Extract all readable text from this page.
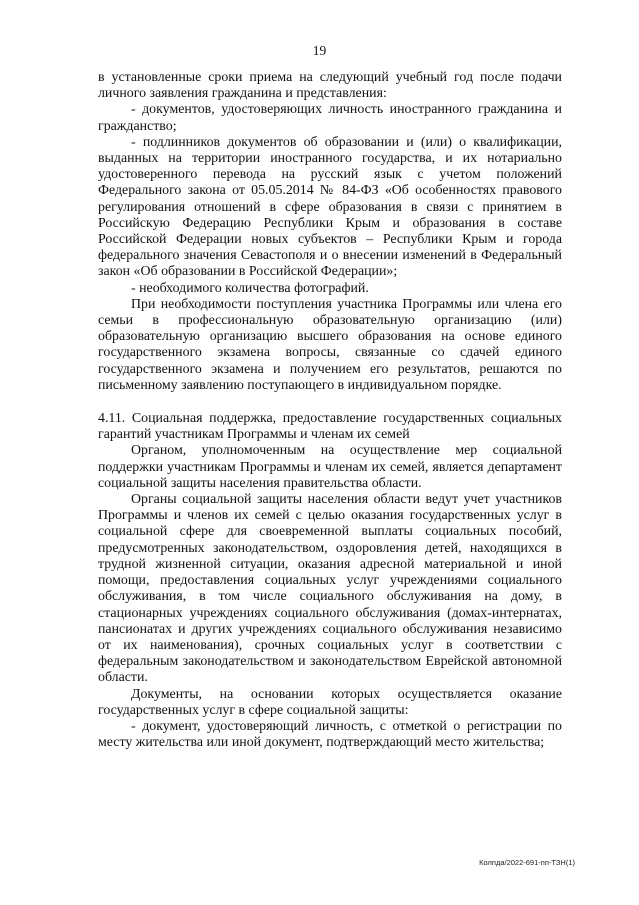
19

в установленные сроки приема на следующий учебный год после подачи личного заявления гражданина и представления:

- документов, удостоверяющих личность иностранного гражданина и гражданство;

- подлинников документов об образовании и (или) о квалификации, выданных на территории иностранного государства, и их нотариально удостоверенного перевода на русский язык с учетом положений Федерального закона от 05.05.2014 № 84-ФЗ «Об особенностях правового регулирования отношений в сфере образования в связи с принятием в Российскую Федерацию Республики Крым и образования в составе Российской Федерации новых субъектов – Республики Крым и города федерального значения Севастополя и о внесении изменений в Федеральный закон «Об образовании в Российской Федерации»;

- необходимого количества фотографий.

При необходимости поступления участника Программы или члена его семьи в профессиональную образовательную организацию (или) образовательную организацию высшего образования на основе единого государственного экзамена вопросы, связанные со сдачей единого государственного экзамена и получением его результатов, решаются по письменному заявлению поступающего в индивидуальном порядке.

4.11. Социальная поддержка, предоставление государственных социальных гарантий участникам Программы и членам их семей

Органом, уполномоченным на осуществление мер социальной поддержки участникам Программы и членам их семей, является департамент социальной защиты населения правительства области.

Органы социальной защиты населения области ведут учет участников Программы и членов их семей с целью оказания государственных услуг в социальной сфере для своевременной выплаты социальных пособий, предусмотренных законодательством, оздоровления детей, находящихся в трудной жизненной ситуации, оказания адресной материальной и иной помощи, предоставления социальных услуг учреждениями социального обслуживания, в том числе социального обслуживания на дому, в стационарных учреждениях социального обслуживания (домах-интернатах, пансионатах и других учреждениях социального обслуживания независимо от их наименования), срочных социальных услуг в соответствии с федеральным законодательством и законодательством Еврейской автономной области.

Документы, на основании которых осуществляется оказание государственных услуг в сфере социальной защиты:

- документ, удостоверяющий личность, с отметкой о регистрации по месту жительства или иной документ, подтверждающий место жительства;

Колпда/2022-691-пп-ТЗН(1)
